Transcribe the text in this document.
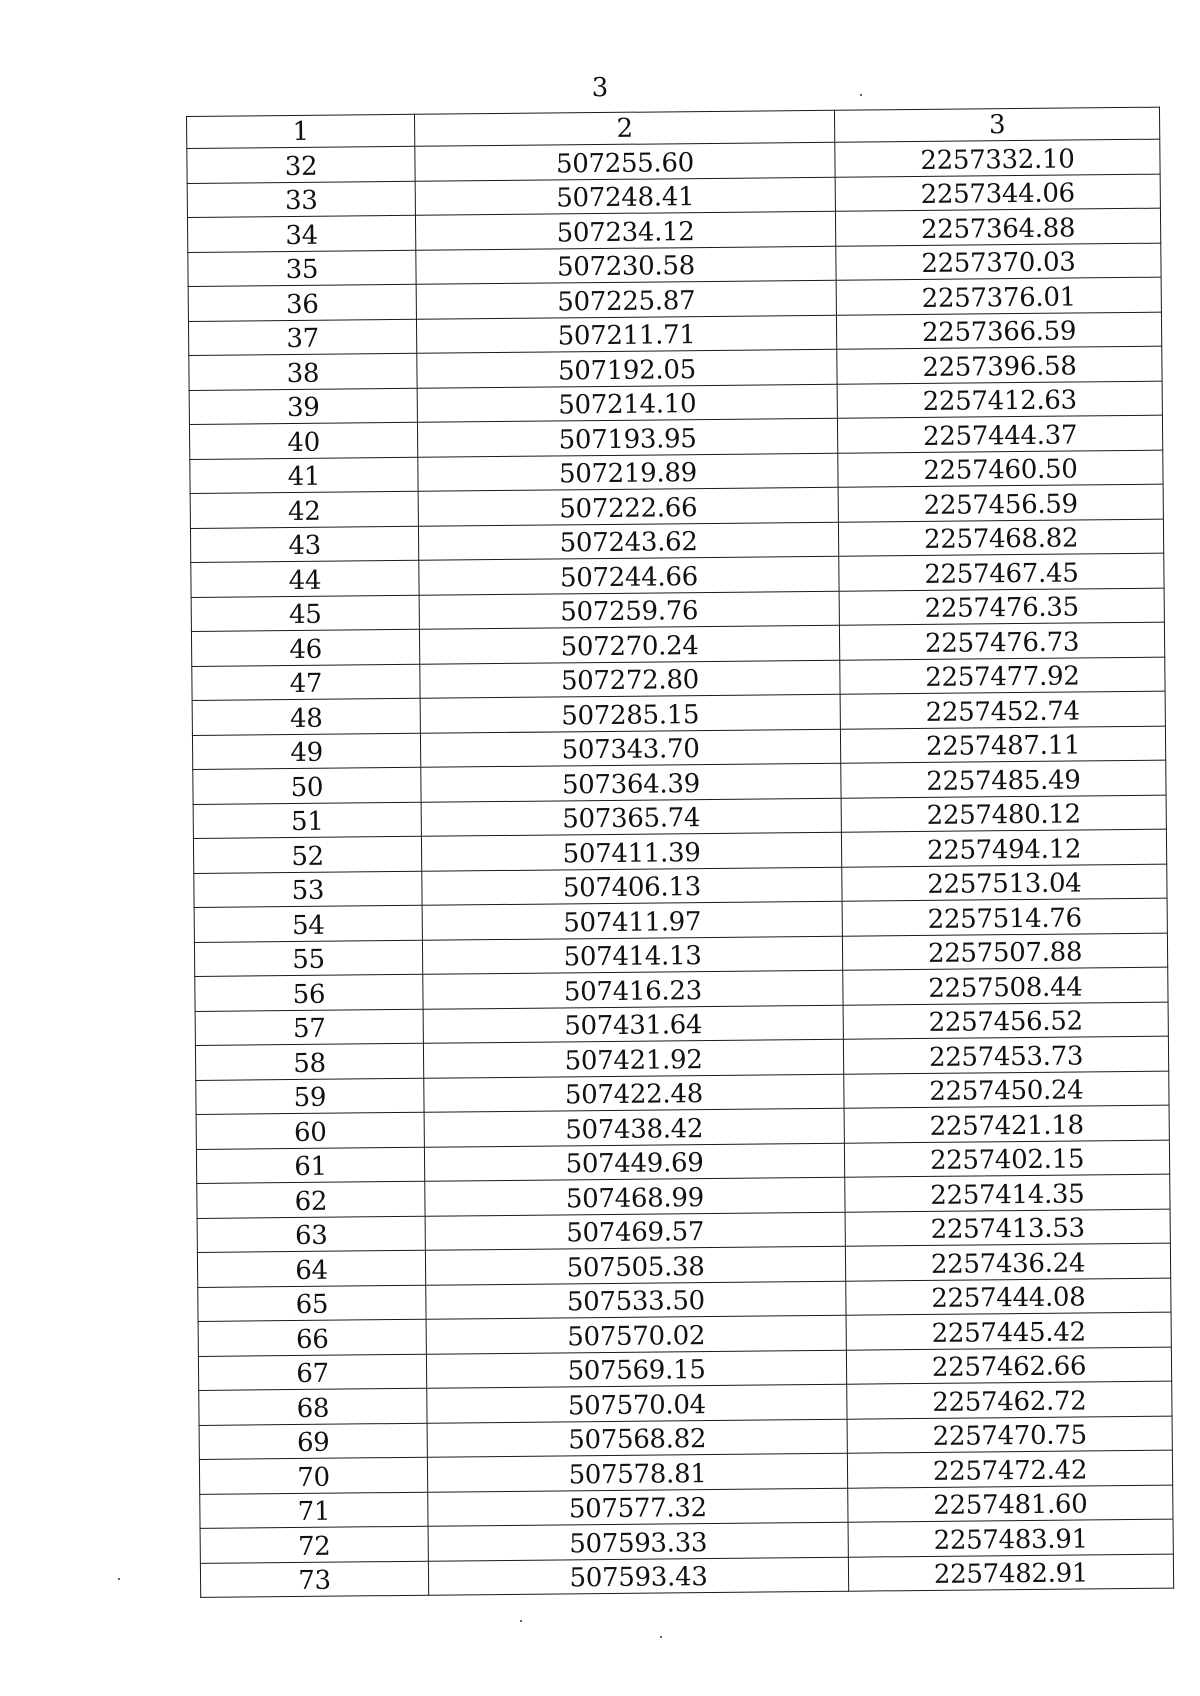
3
1	2	3
32	507255.60	2257332.10
33	507248.41	2257344.06
34	507234.12	2257364.88
35	507230.58	2257370.03
36	507225.87	2257376.01
37	507211.71	2257366.59
38	507192.05	2257396.58
39	507214.10	2257412.63
40	507193.95	2257444.37
41	507219.89	2257460.50
42	507222.66	2257456.59
43	507243.62	2257468.82
44	507244.66	2257467.45
45	507259.76	2257476.35
46	507270.24	2257476.73
47	507272.80	2257477.92
48	507285.15	2257452.74
49	507343.70	2257487.11
50	507364.39	2257485.49
51	507365.74	2257480.12
52	507411.39	2257494.12
53	507406.13	2257513.04
54	507411.97	2257514.76
55	507414.13	2257507.88
56	507416.23	2257508.44
57	507431.64	2257456.52
58	507421.92	2257453.73
59	507422.48	2257450.24
60	507438.42	2257421.18
61	507449.69	2257402.15
62	507468.99	2257414.35
63	507469.57	2257413.53
64	507505.38	2257436.24
65	507533.50	2257444.08
66	507570.02	2257445.42
67	507569.15	2257462.66
68	507570.04	2257462.72
69	507568.82	2257470.75
70	507578.81	2257472.42
71	507577.32	2257481.60
72	507593.33	2257483.91
73	507593.43	2257482.91
